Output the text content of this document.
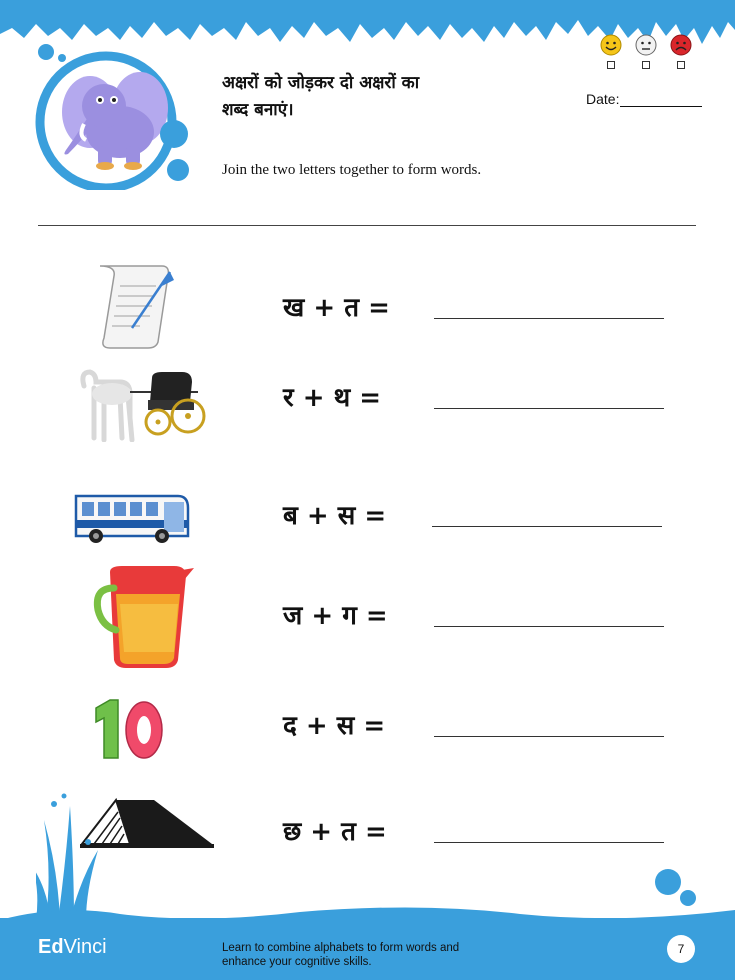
अक्षरों को जोड़कर दो अक्षरों का
शब्द बनाएं।
Join the two letters together to form words.
Date:
ख + त =
र + थ =
ब + स =
ज + ग =
द + स =
छ + त =
EdVinci	Learn to combine alphabets to form words and
enhance your cognitive skills.
7
